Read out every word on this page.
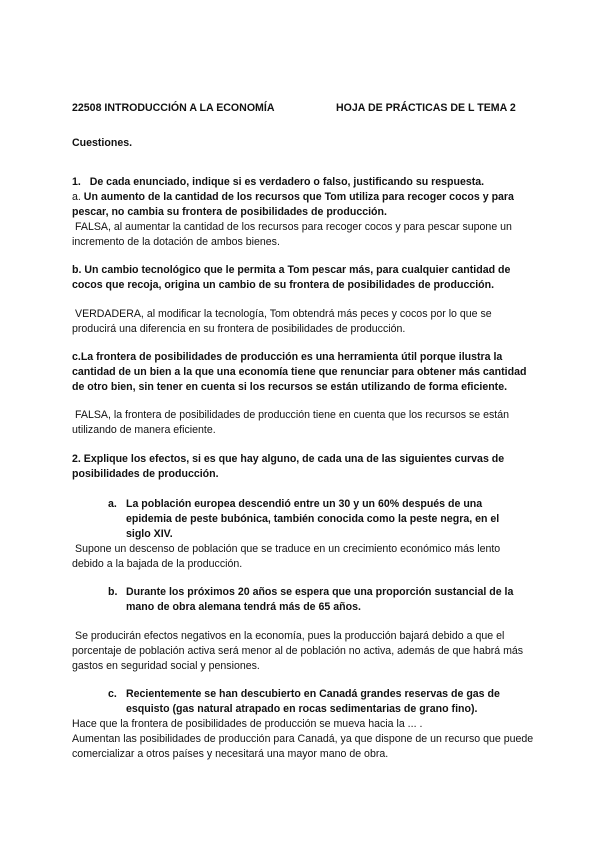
22508 INTRODUCCIÓN A LA ECONOMÍA	HOJA DE PRÁCTICAS DE L TEMA 2
Cuestiones.
1. De cada enunciado, indique si es verdadero o falso, justificando su respuesta.
a. Un aumento de la cantidad de los recursos que Tom utiliza para recoger cocos y para pescar, no cambia su frontera de posibilidades de producción.
FALSA, al aumentar la cantidad de los recursos para recoger cocos y para pescar supone un incremento de la dotación de ambos bienes.
b. Un cambio tecnológico que le permita a Tom pescar más, para cualquier cantidad de cocos que recoja, origina un cambio de su frontera de posibilidades de producción.
VERDADERA, al modificar la tecnología, Tom obtendrá más peces y cocos por lo que se producirá una diferencia en su frontera de posibilidades de producción.
c.La frontera de posibilidades de producción es una herramienta útil porque ilustra la cantidad de un bien a la que una economía tiene que renunciar para obtener más cantidad de otro bien, sin tener en cuenta si los recursos se están utilizando de forma eficiente.
FALSA, la frontera de posibilidades de producción tiene en cuenta que los recursos se están utilizando de manera eficiente.
2. Explique los efectos, si es que hay alguno, de cada una de las siguientes curvas de posibilidades de producción.
a. La población europea descendió entre un 30 y un 60% después de una epidemia de peste bubónica, también conocida como la peste negra, en el siglo XIV.
Supone un descenso de población que se traduce en un crecimiento económico más lento debido a la bajada de la producción.
b. Durante los próximos 20 años se espera que una proporción sustancial de la mano de obra alemana tendrá más de 65 años.
Se producirán efectos negativos en la economía, pues la producción bajará debido a que el porcentaje de población activa será menor al de población no activa, además de que habrá más gastos en seguridad social y pensiones.
c. Recientemente se han descubierto en Canadá grandes reservas de gas de esquisto (gas natural atrapado en rocas sedimentarias de grano fino).
Hace que la frontera de posibilidades de producción se mueva hacia la ... .
Aumentan las posibilidades de producción para Canadá, ya que dispone de un recurso que puede comercializar a otros países y necesitará una mayor mano de obra.
